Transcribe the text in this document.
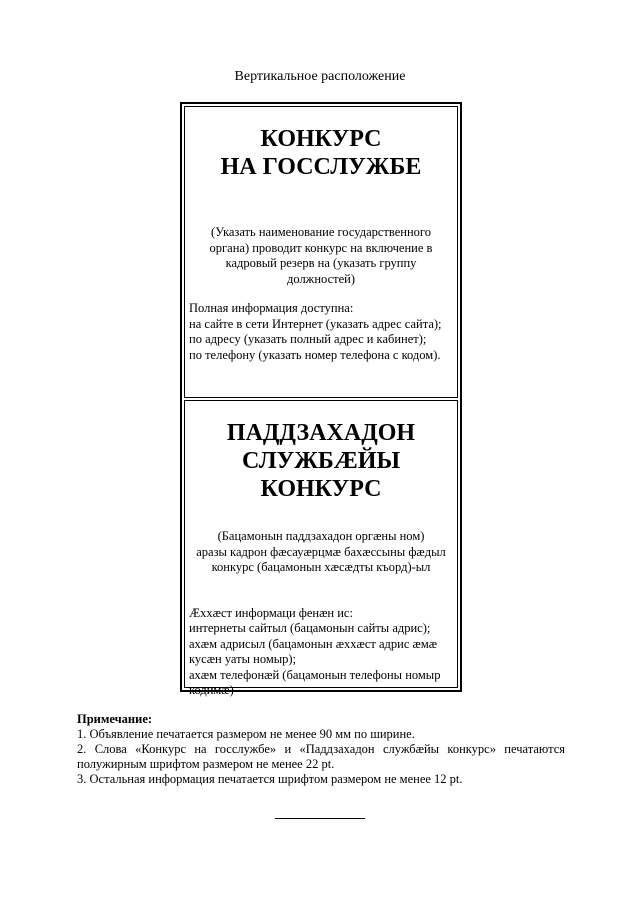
Вертикальное расположение
КОНКУРС
НА ГОССЛУЖБЕ
(Указать наименование государственного
органа) проводит конкурс на включение в
кадровый резерв на (указать группу
должностей)
Полная информация доступна:
на сайте в сети Интернет (указать адрес сайта);
по адресу (указать полный адрес и кабинет);
по телефону (указать номер телефона с кодом).
ПАДДЗАХАДОН
СЛУЖБÆЙЫ
КОНКУРС
(Бацамонын паддзахадон оргæны ном)
аразы кадрон фæсауæрцмæ бахæссыны фæдыл
конкурс (бацамонын хæсæдты къорд)-ыл
Æххæст информаци фенæн ис:
интернеты сайтыл (бацамонын сайты адрис);
ахæм адрисыл (бацамонын æххæст адрис æмæ
кусæн уаты номыр);
ахæм телефонæй (бацамонын телефоны номыр
кодимæ)
Примечание:
1. Объявление печатается размером не менее 90 мм по ширине.
2. Слова «Конкурс на госслужбе» и «Паддзахадон службæйы конкурс» печатаются полужирным шрифтом размером не менее 22 pt.
3. Остальная информация печатается шрифтом размером не менее 12 pt.
